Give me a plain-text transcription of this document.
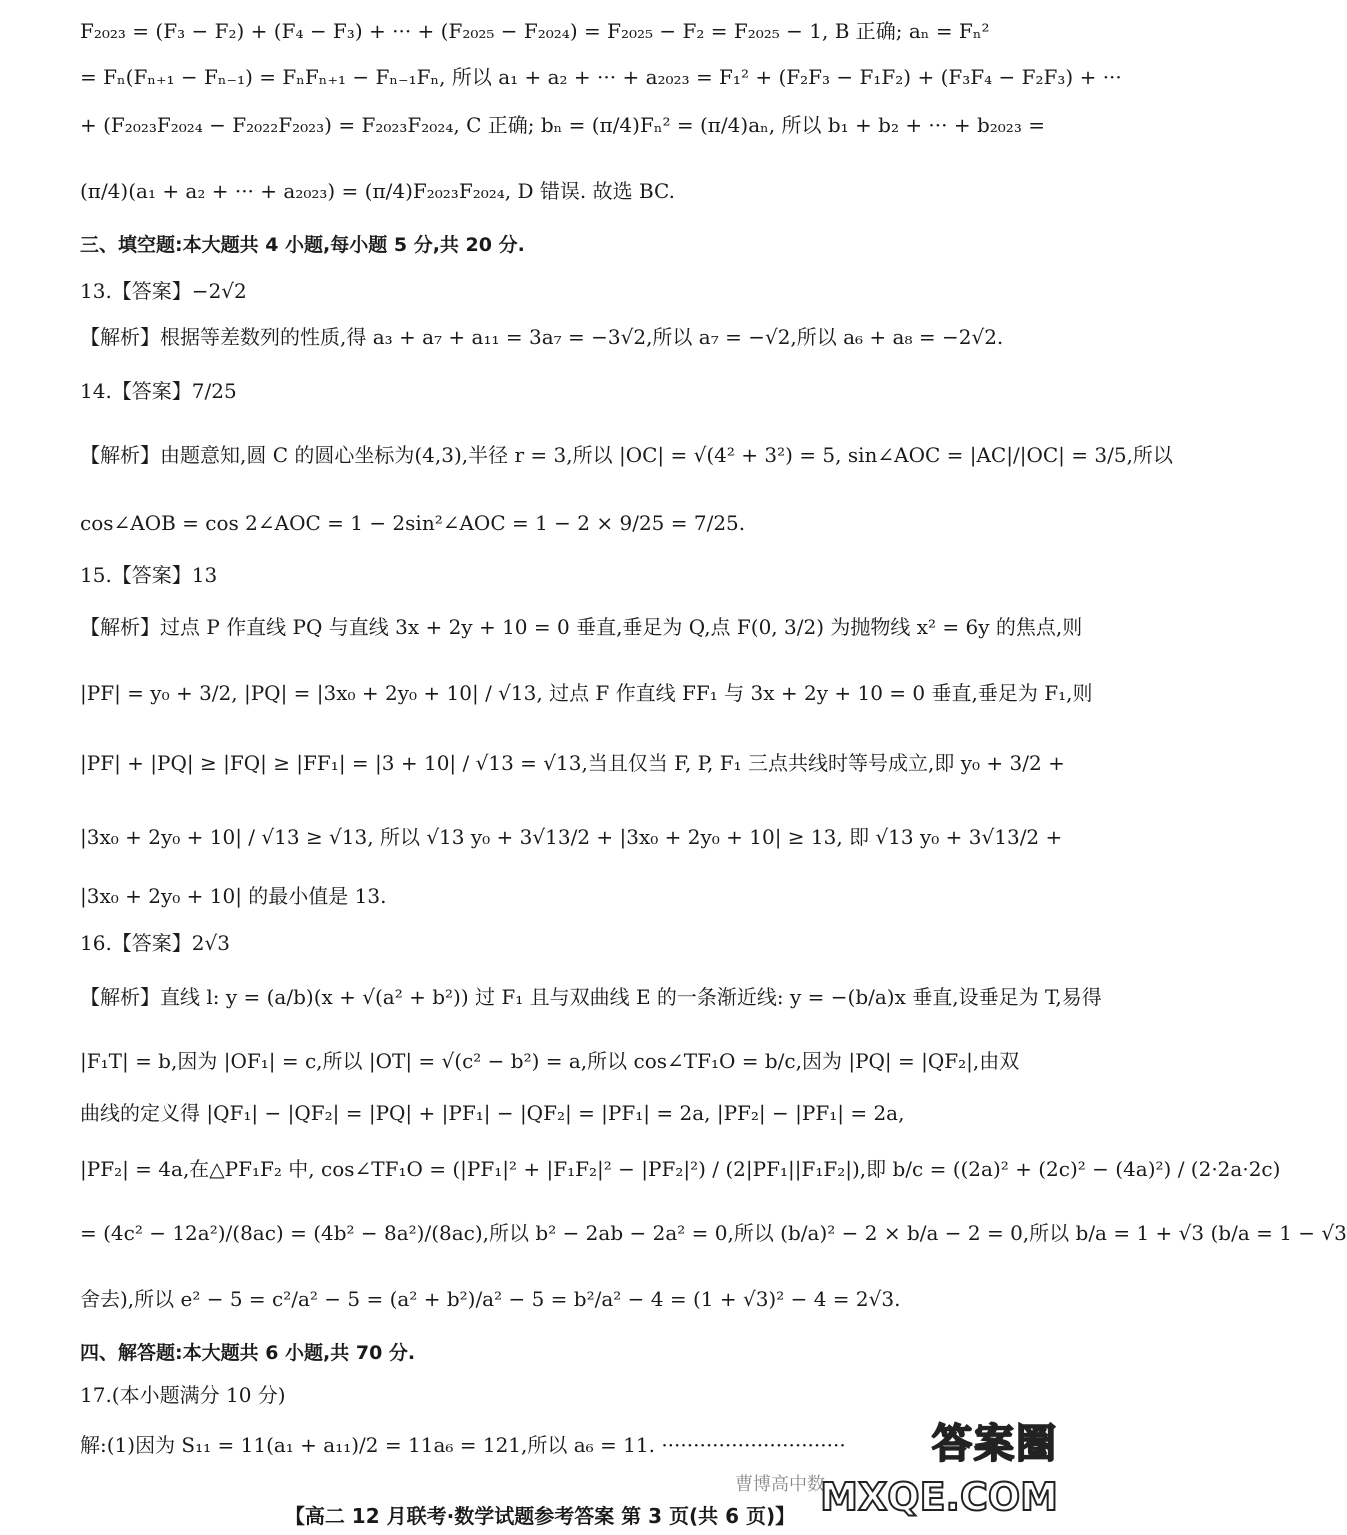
F₂₀₂₃ = (F₃ − F₂) + (F₄ − F₃) + ··· + (F₂₀₂₅ − F₂₀₂₄) = F₂₀₂₅ − F₂ = F₂₀₂₅ − 1, B 正确; aₙ = Fₙ²
= Fₙ(Fₙ₊₁ − Fₙ₋₁) = FₙFₙ₊₁ − Fₙ₋₁Fₙ, 所以 a₁ + a₂ + ··· + a₂₀₂₃ = F₁² + (F₂F₃ − F₁F₂) + (F₃F₄ − F₂F₃) + ···
+ (F₂₀₂₃F₂₀₂₄ − F₂₀₂₂F₂₀₂₃) = F₂₀₂₃F₂₀₂₄, C 正确; bₙ = (π/4)Fₙ² = (π/4)aₙ, 所以 b₁ + b₂ + ··· + b₂₀₂₃ =
(π/4)(a₁ + a₂ + ··· + a₂₀₂₃) = (π/4)F₂₀₂₃F₂₀₂₄, D 错误. 故选 BC.
三、填空题:本大题共 4 小题,每小题 5 分,共 20 分.
13.【答案】−2√2
【解析】根据等差数列的性质,得 a₃ + a₇ + a₁₁ = 3a₇ = −3√2,所以 a₇ = −√2,所以 a₆ + a₈ = −2√2.
14.【答案】7/25
【解析】由题意知,圆 C 的圆心坐标为(4,3),半径 r = 3,所以 |OC| = √(4² + 3²) = 5, sin∠AOC = |AC|/|OC| = 3/5,所以
cos∠AOB = cos 2∠AOC = 1 − 2sin²∠AOC = 1 − 2 × 9/25 = 7/25.
15.【答案】13
【解析】过点 P 作直线 PQ 与直线 3x + 2y + 10 = 0 垂直,垂足为 Q,点 F(0, 3/2) 为抛物线 x² = 6y 的焦点,则
|PF| = y₀ + 3/2, |PQ| = |3x₀ + 2y₀ + 10| / √13, 过点 F 作直线 FF₁ 与 3x + 2y + 10 = 0 垂直,垂足为 F₁,则
|PF| + |PQ| ≥ |FQ| ≥ |FF₁| = |3 + 10| / √13 = √13,当且仅当 F, P, F₁ 三点共线时等号成立,即 y₀ + 3/2 +
|3x₀ + 2y₀ + 10| / √13 ≥ √13, 所以 √13 y₀ + 3√13/2 + |3x₀ + 2y₀ + 10| ≥ 13, 即 √13 y₀ + 3√13/2 +
|3x₀ + 2y₀ + 10| 的最小值是 13.
16.【答案】2√3
【解析】直线 l: y = (a/b)(x + √(a² + b²)) 过 F₁ 且与双曲线 E 的一条渐近线: y = −(b/a)x 垂直,设垂足为 T,易得
|F₁T| = b,因为 |OF₁| = c,所以 |OT| = √(c² − b²) = a,所以 cos∠TF₁O = b/c,因为 |PQ| = |QF₂|,由双
曲线的定义得 |QF₁| − |QF₂| = |PQ| + |PF₁| − |QF₂| = |PF₁| = 2a, |PF₂| − |PF₁| = 2a,
|PF₂| = 4a,在△PF₁F₂ 中, cos∠TF₁O = (|PF₁|² + |F₁F₂|² − |PF₂|²) / (2|PF₁||F₁F₂|),即 b/c = ((2a)² + (2c)² − (4a)²) / (2·2a·2c)
= (4c² − 12a²)/(8ac) = (4b² − 8a²)/(8ac),所以 b² − 2ab − 2a² = 0,所以 (b/a)² − 2 × b/a − 2 = 0,所以 b/a = 1 + √3 (b/a = 1 − √3
舍去),所以 e² − 5 = c²/a² − 5 = (a² + b²)/a² − 5 = b²/a² − 4 = (1 + √3)² − 4 = 2√3.
四、解答题:本大题共 6 小题,共 70 分.
17.(本小题满分 10 分)
解:(1)因为 S₁₁ = 11(a₁ + a₁₁)/2 = 11a₆ = 121,所以 a₆ = 11. ·····························
曹博高中数
【高二 12 月联考·数学试题参考答案 第 3 页(共 6 页)】
答案圈
MXQE.COM
